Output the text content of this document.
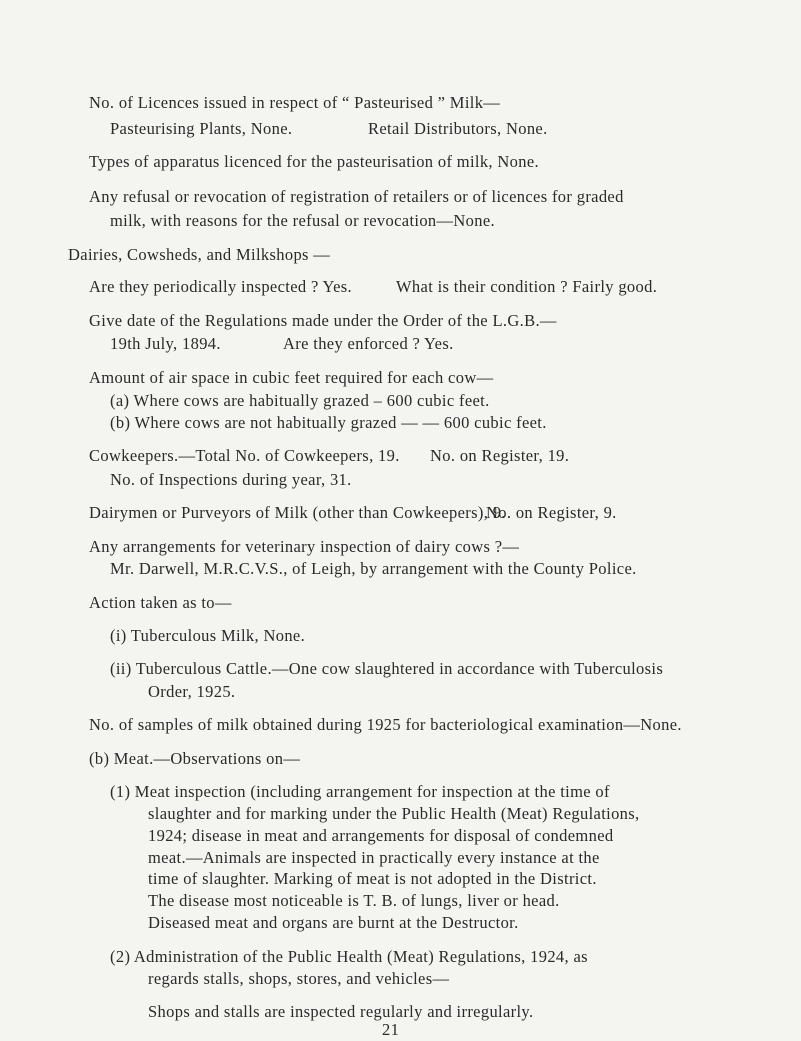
No. of Licences issued in respect of “ Pasteurised ” Milk—
Pasteurising Plants, None.	Retail Distributors, None.
Types of apparatus licenced for the pasteurisation of milk, None.
Any refusal or revocation of registration of retailers or of licences for graded
milk, with reasons for the refusal or revocation—None.
Dairies, Cowsheds, and Milkshops —
Are they periodically inspected ? Yes.	What is their condition ? Fairly good.
Give date of the Regulations made under the Order of the L.G.B.—
19th July, 1894.	Are they enforced ? Yes.
Amount of air space in cubic feet required for each cow—
(a) Where cows are habitually grazed – 600 cubic feet.
(b) Where cows are not habitually grazed — — 600 cubic feet.
Cowkeepers.—Total No. of Cowkeepers, 19. No. on Register, 19.
No. of Inspections during year, 31.
Dairymen or Purveyors of Milk (other than Cowkeepers), 9.
No. on Register, 9.
Any arrangements for veterinary inspection of dairy cows ?—
Mr. Darwell, M.R.C.V.S., of Leigh, by arrangement with the County Police.
Action taken as to—
(i) Tuberculous Milk, None.
(ii) Tuberculous Cattle.—One cow slaughtered in accordance with Tuberculosis
Order, 1925.
No. of samples of milk obtained during 1925 for bacteriological examination—None.
(b) Meat.—Observations on—
(1) Meat inspection (including arrangement for inspection at the time of
slaughter and for marking under the Public Health (Meat) Regulations,
1924; disease in meat and arrangements for disposal of condemned
meat.—Animals are inspected in practically every instance at the
time of slaughter. Marking of meat is not adopted in the District.
The disease most noticeable is T. B. of lungs, liver or head.
Diseased meat and organs are burnt at the Destructor.
(2) Administration of the Public Health (Meat) Regulations, 1924, as
regards stalls, shops, stores, and vehicles—
Shops and stalls are inspected regularly and irregularly.
21
